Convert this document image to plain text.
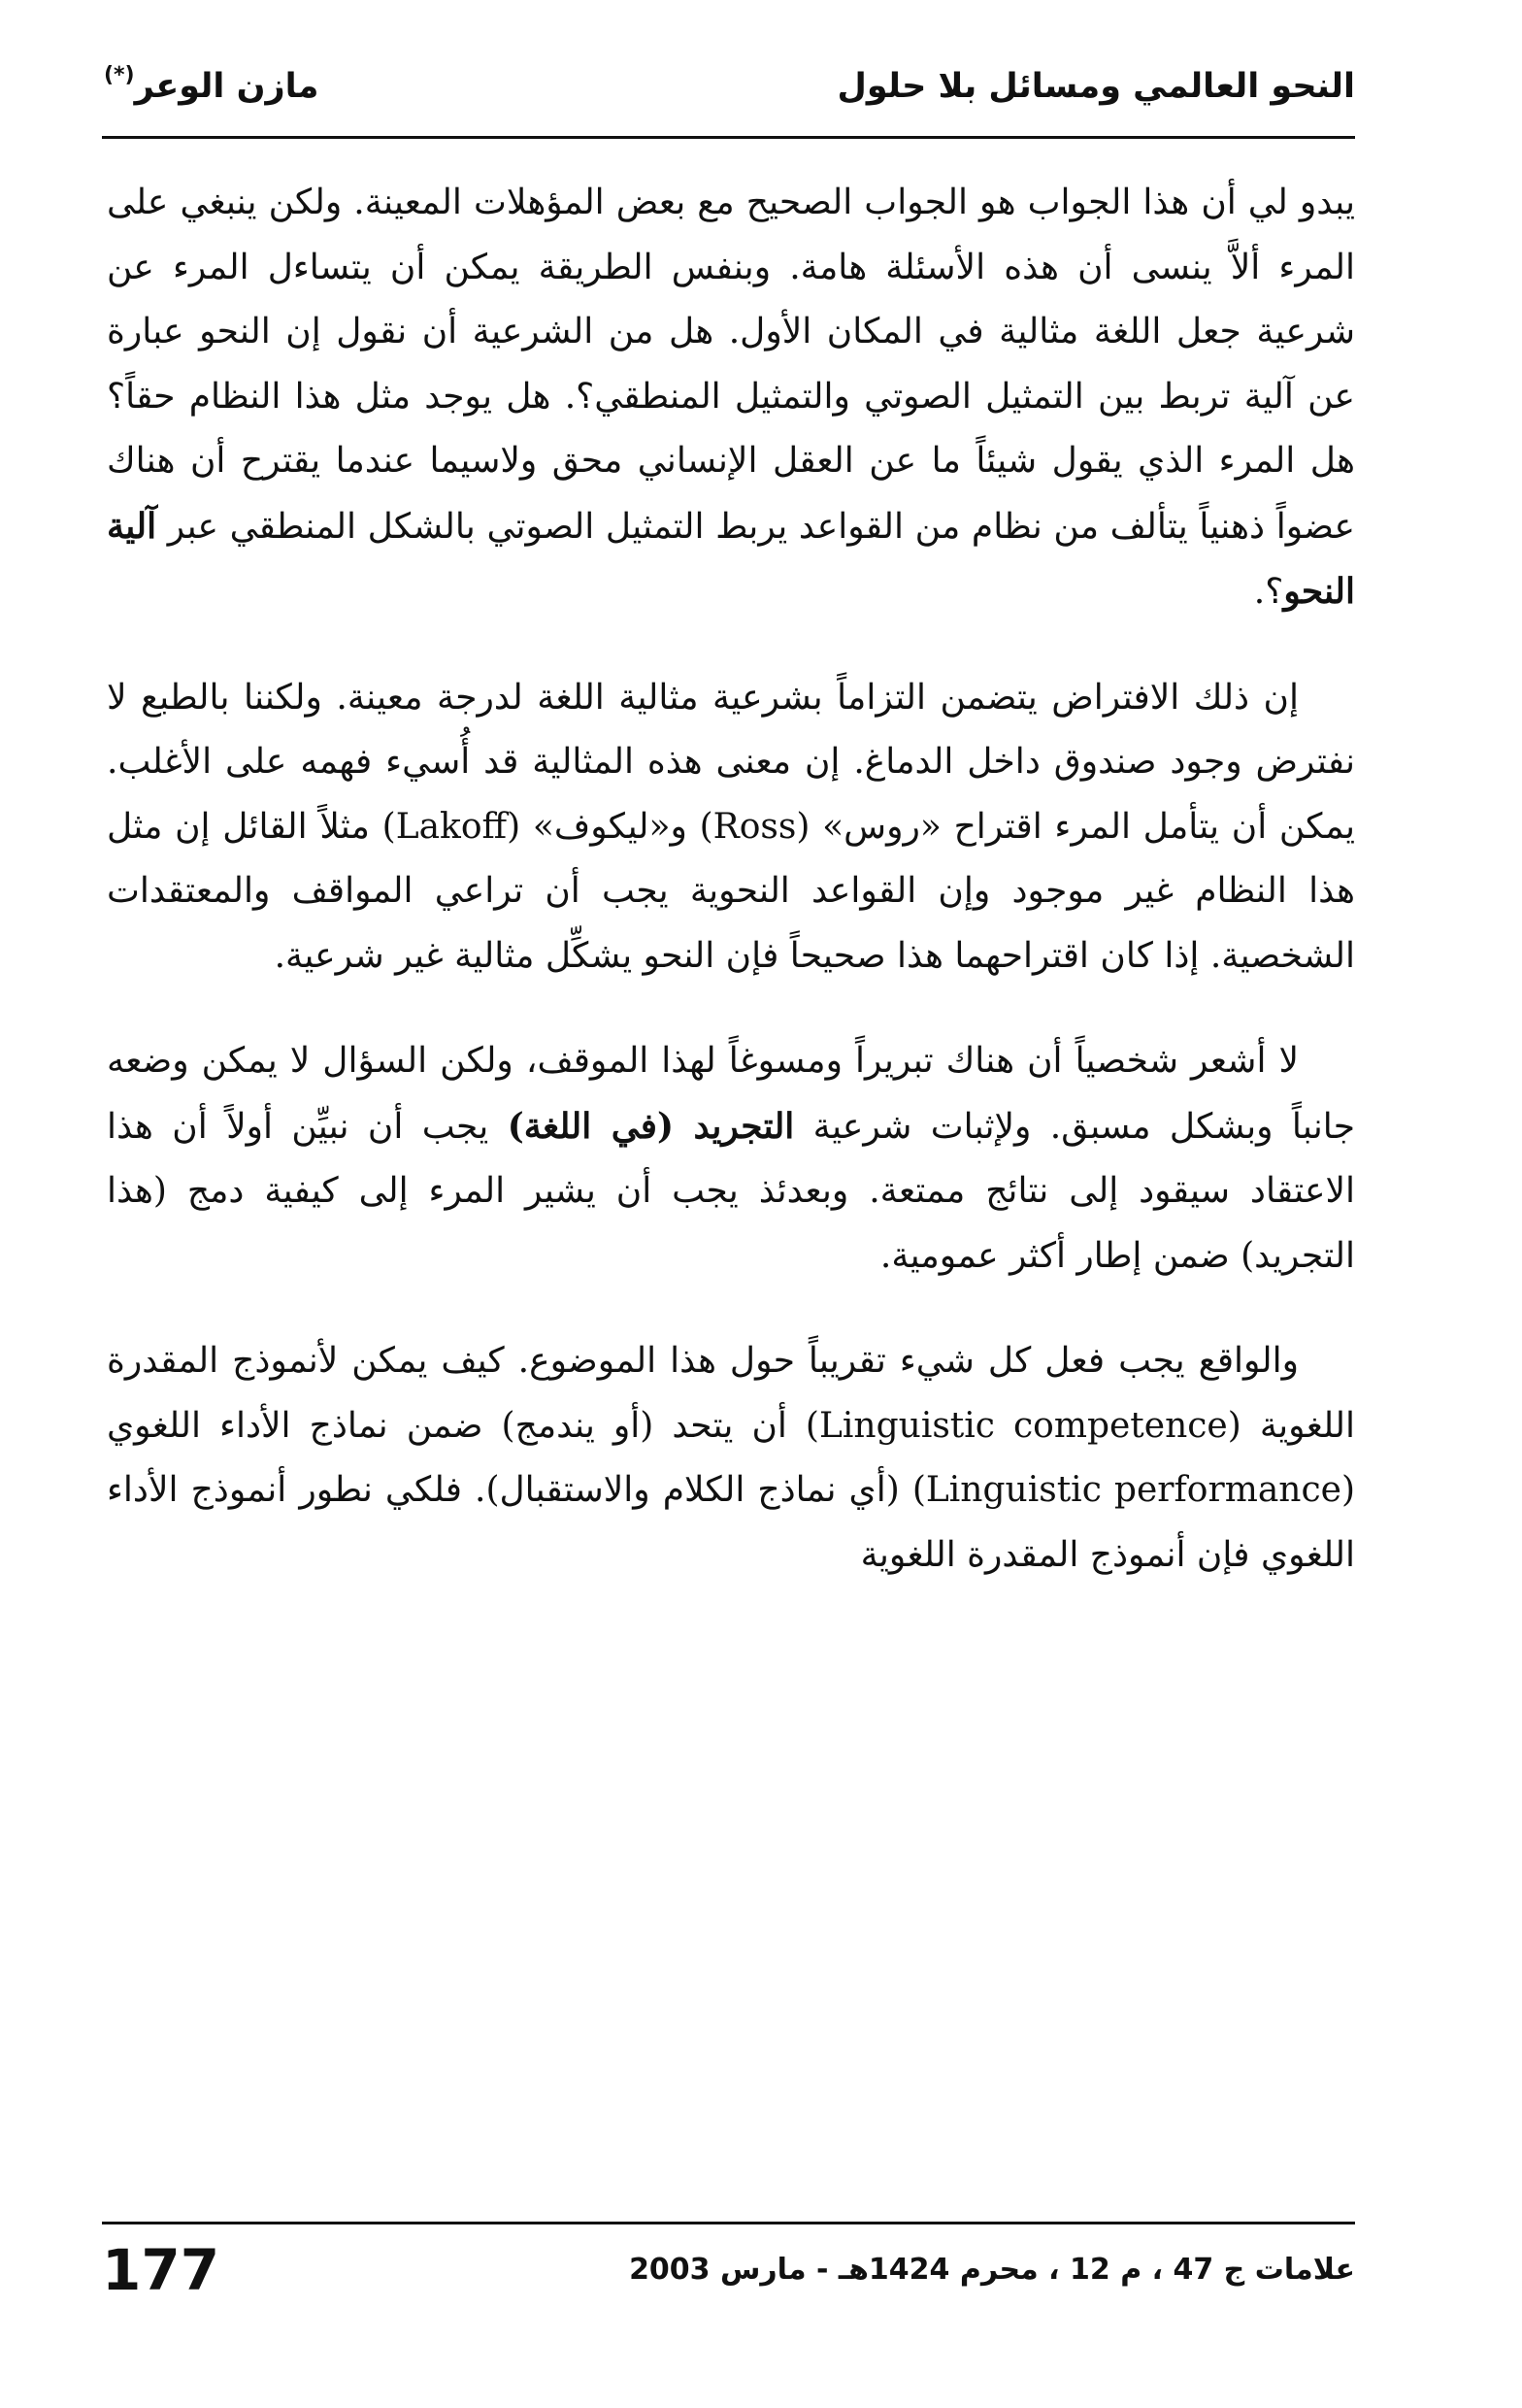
النحو العالمي ومسائل بلا حلول
مازن الوعر(*)

يبدو لي أن هذا الجواب هو الجواب الصحيح مع بعض المؤهلات المعينة. ولكن ينبغي على المرء ألاَّ ينسى أن هذه الأسئلة هامة. وبنفس الطريقة يمكن أن يتساءل المرء عن شرعية جعل اللغة مثالية في المكان الأول. هل من الشرعية أن نقول إن النحو عبارة عن آلية تربط بين التمثيل الصوتي والتمثيل المنطقي؟. هل يوجد مثل هذا النظام حقاً؟ هل المرء الذي يقول شيئاً ما عن العقل الإنساني محق ولاسيما عندما يقترح أن هناك عضواً ذهنياً يتألف من نظام من القواعد يربط التمثيل الصوتي بالشكل المنطقي عبر آلية النحو؟.

إن ذلك الافتراض يتضمن التزاماً بشرعية مثالية اللغة لدرجة معينة. ولكننا بالطبع لا نفترض وجود صندوق داخل الدماغ. إن معنى هذه المثالية قد أُسيء فهمه على الأغلب. يمكن أن يتأمل المرء اقتراح «روس» (Ross) و«ليكوف» (Lakoff) مثلاً القائل إن مثل هذا النظام غير موجود وإن القواعد النحوية يجب أن تراعي المواقف والمعتقدات الشخصية. إذا كان اقتراحهما هذا صحيحاً فإن النحو يشكِّل مثالية غير شرعية.

لا أشعر شخصياً أن هناك تبريراً ومسوغاً لهذا الموقف، ولكن السؤال لا يمكن وضعه جانباً وبشكل مسبق. ولإثبات شرعية التجريد (في اللغة) يجب أن نبيِّن أولاً أن هذا الاعتقاد سيقود إلى نتائج ممتعة. وبعدئذ يجب أن يشير المرء إلى كيفية دمج (هذا التجريد) ضمن إطار أكثر عمومية.

والواقع يجب فعل كل شيء تقريباً حول هذا الموضوع. كيف يمكن لأنموذج المقدرة اللغوية (Linguistic competence) أن يتحد (أو يندمج) ضمن نماذج الأداء اللغوي (Linguistic performance) (أي نماذج الكلام والاستقبال). فلكي نطور أنموذج الأداء اللغوي فإن أنموذج المقدرة اللغوية

علامات ج 47 ، م 12 ، محرم 1424هـ - مارس 2003
177
